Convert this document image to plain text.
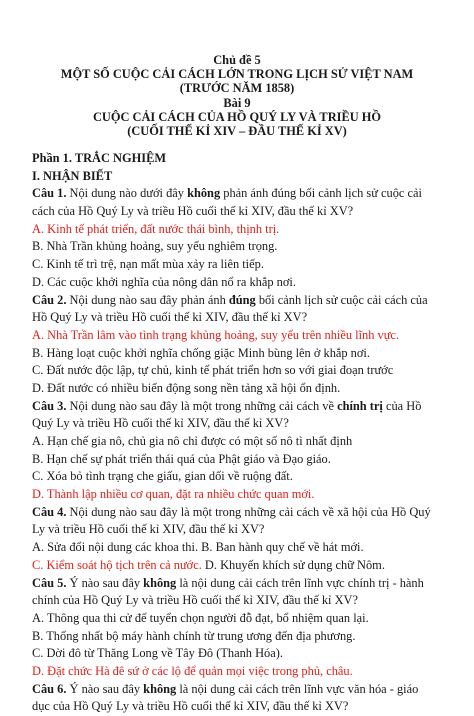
Chủ đề 5
MỘT SỐ CUỘC CẢI CÁCH LỚN TRONG LỊCH SỬ VIỆT NAM
(TRƯỚC NĂM 1858)
Bài 9
CUỘC CẢI CÁCH CỦA HỒ QUÝ LY VÀ TRIỀU HỒ
(CUỐI THẾ KỈ XIV – ĐẦU THẾ KỈ XV)
Phần 1. TRẮC NGHIỆM
I. NHẬN BIẾT
Câu 1. Nội dung nào dưới đây không phản ánh đúng bối cảnh lịch sử cuộc cải
cách của Hồ Quý Ly và triều Hồ cuối thế kỉ XIV, đầu thế kỉ XV?
A. Kinh tế phát triển, đất nước thái bình, thịnh trị.
B. Nhà Trần khủng hoảng, suy yếu nghiêm trọng.
C. Kinh tế trì trệ, nạn mất mùa xảy ra liên tiếp.
D. Các cuộc khởi nghĩa của nông dân nổ ra khắp nơi.
Câu 2. Nội dung nào sau đây phản ánh đúng bối cảnh lịch sử cuộc cải cách của
Hồ Quý Ly và triều Hồ cuối thế kỉ XIV, đầu thế kỉ XV?
A. Nhà Trần lâm vào tình trạng khủng hoảng, suy yếu trên nhiều lĩnh vực.
B. Hàng loạt cuộc khởi nghĩa chống giặc Minh bùng lên ở khắp nơi.
C. Đất nước độc lập, tự chủ, kinh tế phát triển hơn so với giai đoạn trước
D. Đất nước có nhiều biến động song nền tảng xã hội ổn định.
Câu 3. Nội dung nào sau đây là một trong những cải cách về chính trị của Hồ
Quý Ly và triều Hồ cuối thế kỉ XIV, đầu thế kỉ XV?
A. Hạn chế gia nô, chủ gia nô chỉ được có một số nô tì nhất định
B. Hạn chế sự phát triển thái quá của Phật giáo và Đạo giáo.
C. Xóa bỏ tình trạng che giấu, gian dối về ruộng đất.
D. Thành lập nhiều cơ quan, đặt ra nhiều chức quan mới.
Câu 4. Nội dung nào sau đây là một trong những cải cách về xã hội của Hồ Quý
Ly và triều Hồ cuối thế kỉ XIV, đầu thế kỉ XV?
A. Sửa đổi nội dung các khoa thi. B. Ban hành quy chế về hát mới.
C. Kiểm soát hộ tịch trên cả nước. D. Khuyến khích sử dụng chữ Nôm.
Câu 5. Ý nào sau đây không là nội dung cải cách trên lĩnh vực chính trị - hành
chính của Hồ Quý Ly và triều Hồ cuối thế kỉ XIV, đầu thế kỉ XV?
A. Thông qua thi cử để tuyển chọn người đỗ đạt, bổ nhiệm quan lại.
B. Thống nhất bộ máy hành chính từ trung ương đến địa phương.
C. Dời đô từ Thăng Long về Tây Đô (Thanh Hóa).
D. Đặt chức Hà đê sứ ở các lộ để quản mọi việc trong phủ, châu.
Câu 6. Ý nào sau đây không là nội dung cải cách trên lĩnh vực văn hóa - giáo
dục của Hồ Quý Ly và triều Hồ cuối thế kỉ XIV, đầu thế kỉ XV?
